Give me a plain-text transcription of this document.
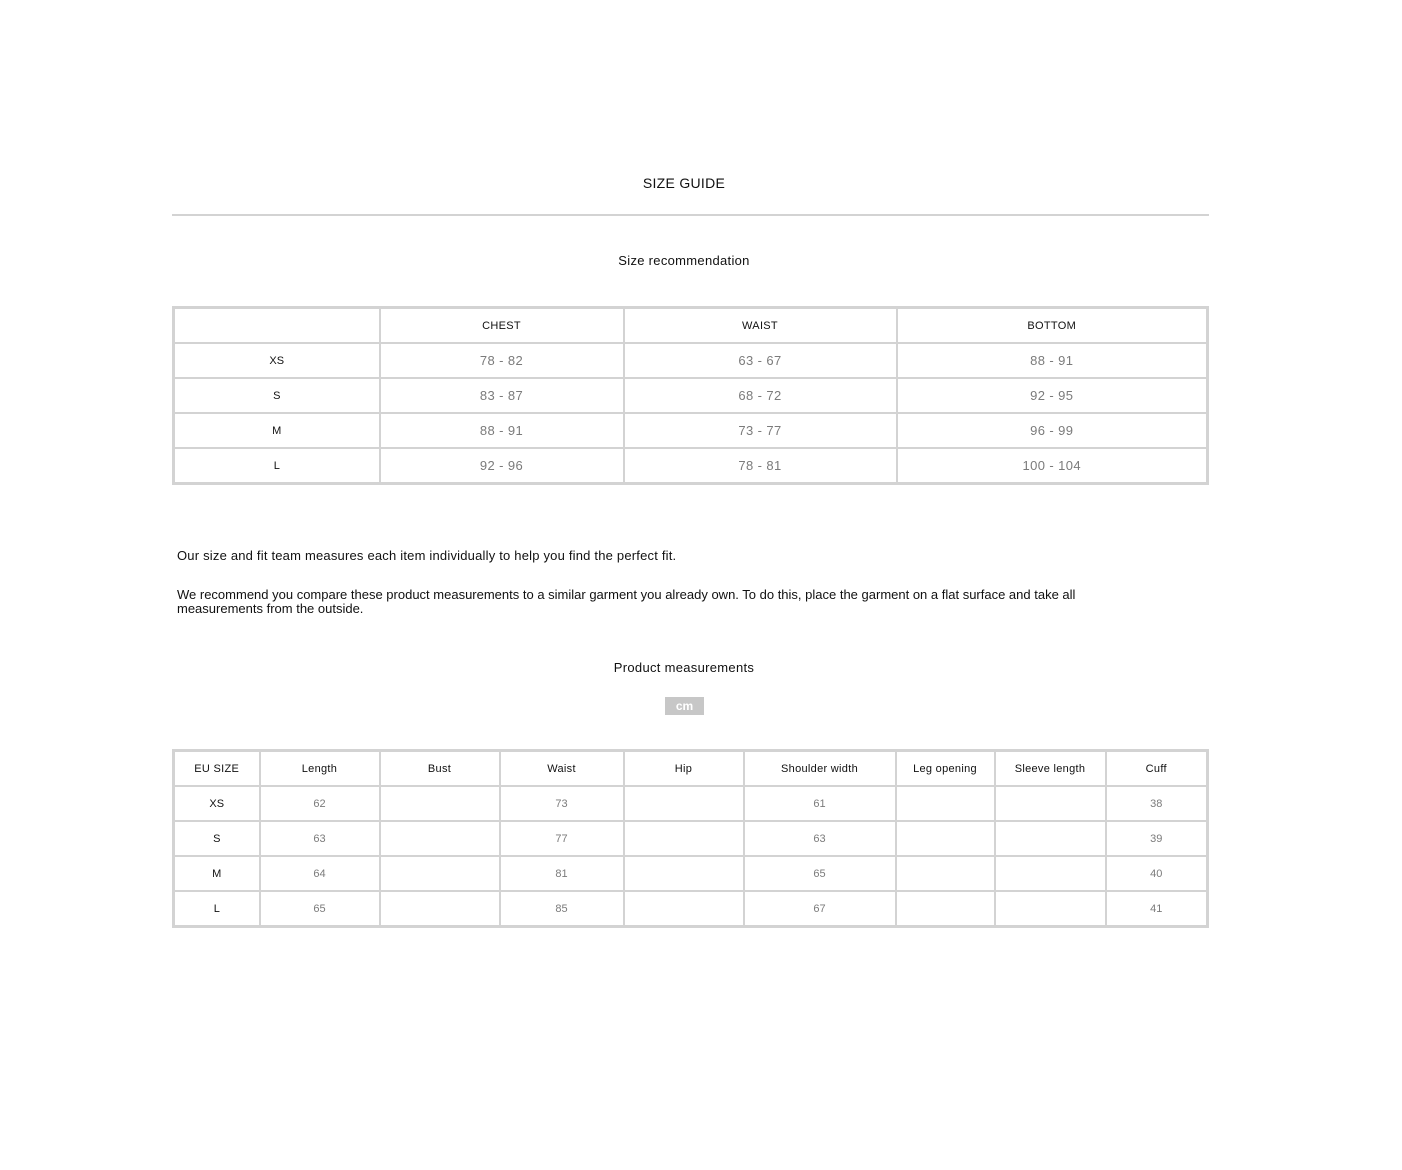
SIZE GUIDE
Size recommendation
	CHEST	WAIST	BOTTOM
XS	78 - 82	63 - 67	88 - 91
S	83 - 87	68 - 72	92 - 95
M	88 - 91	73 - 77	96 - 99
L	92 - 96	78 - 81	100 - 104
Our size and fit team measures each item individually to help you find the perfect fit.
We recommend you compare these product measurements to a similar garment you already own. To do this, place the garment on a flat surface and take all measurements from the outside.
Product measurements
cm
EU SIZE	Length	Bust	Waist	Hip	Shoulder width	Leg opening	Sleeve length	Cuff
XS	62		73		61			38
S	63		77		63			39
M	64		81		65			40
L	65		85		67			41
